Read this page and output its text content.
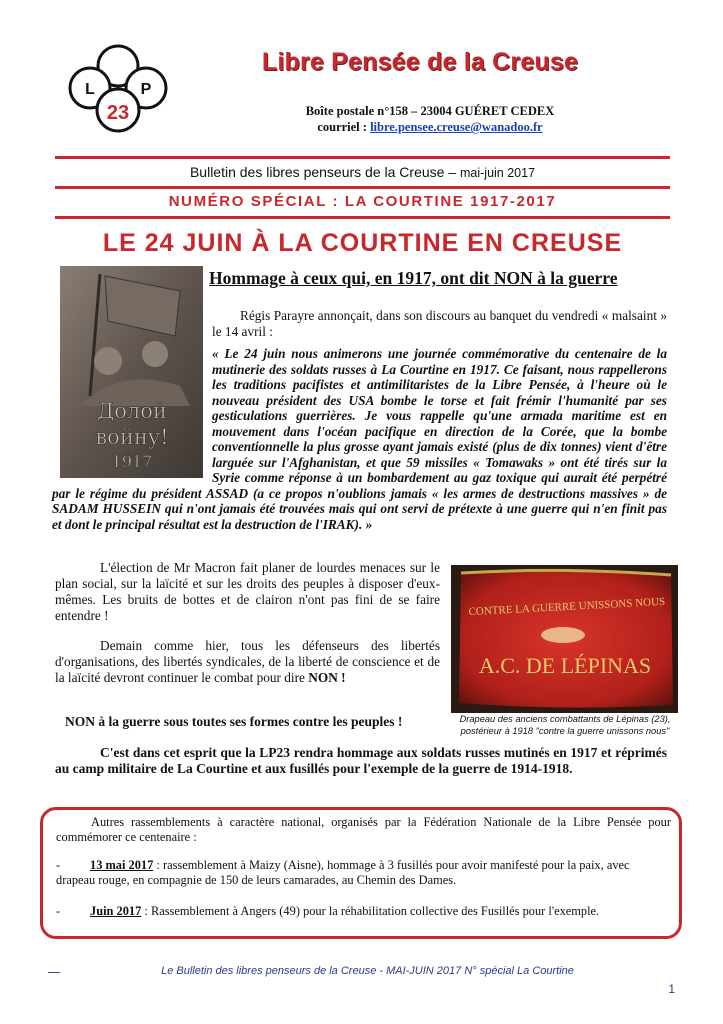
L	P
23
Libre Pensée de la Creuse
Boîte postale n°158 – 23004 GUÉRET CEDEX
courriel : libre.pensee.creuse@wanadoo.fr
Bulletin des libres penseurs de la Creuse – mai-juin 2017
NUMÉRO SPÉCIAL : LA COURTINE 1917-2017
LE 24 JUIN À LA COURTINE EN CREUSE
Долой
войну!
1917
Hommage à ceux qui, en 1917, ont dit NON à la guerre
Régis Parayre annonçait, dans son discours au banquet du vendredi « malsaint » le 14 avril :
« Le 24 juin nous animerons une journée commémorative du centenaire de la mutinerie des soldats russes à La Courtine en 1917. Ce faisant, nous rappellerons les traditions pacifistes et antimilitaristes de la Libre Pensée, à l'heure où le nouveau président des USA bombe le torse et fait frémir l'humanité par ses gesticulations guerrières. Je vous rappelle qu'une armada maritime est en mouvement dans l'océan pacifique en direction de la Corée, que la bombe conventionnelle la plus grosse ayant jamais existé (plus de dix tonnes) vient d'être larguée sur l'Afghanistan, et que 59 missiles « Tomawaks » ont été tirés sur la Syrie comme réponse à un bombardement au gaz toxique qui aurait été perpétré par le régime du président ASSAD (a ce propos n'oublions jamais « les armes de destructions massives » de SADAM HUSSEIN qui n'ont jamais été trouvées mais qui ont servi de prétexte à une guerre qui n'en finit pas et dont le principal résultat est la destruction de l'IRAK). »
L'élection de Mr Macron fait planer de lourdes menaces sur le plan social, sur la laïcité et sur les droits des peuples à disposer d'eux-mêmes. Les bruits de bottes et de clairon n'ont pas fini de se faire entendre !
Demain comme hier, tous les défenseurs des libertés d'organisations, des libertés syndicales, de la liberté de conscience et de la laïcité devront continuer le combat pour dire NON !
NON à la guerre sous toutes ses formes contre les peuples !
CONTRE LA GUERRE UNISSONS NOUS
A.C. DE LÉPINAS
Drapeau des anciens combattants de Lépinas (23),
postérieur à 1918 "contre la guerre unissons nous"
C'est dans cet esprit que la LP23 rendra hommage aux soldats russes mutinés en 1917 et réprimés au camp militaire de La Courtine et aux fusillés pour l'exemple de la guerre de 1914-1918.
Autres rassemblements à caractère national, organisés par la Fédération Nationale de la Libre Pensée pour commémorer ce centenaire :
- 13 mai 2017 : rassemblement à Maizy (Aisne), hommage à 3 fusillés pour avoir manifesté pour la paix, avec drapeau rouge, en compagnie de 150 de leurs camarades, au Chemin des Dames.
- Juin 2017 : Rassemblement à Angers (49) pour la réhabilitation collective des Fusillés pour l'exemple.
Le Bulletin des libres penseurs de la Creuse - MAI-JUIN 2017 N° spécial La Courtine
1
